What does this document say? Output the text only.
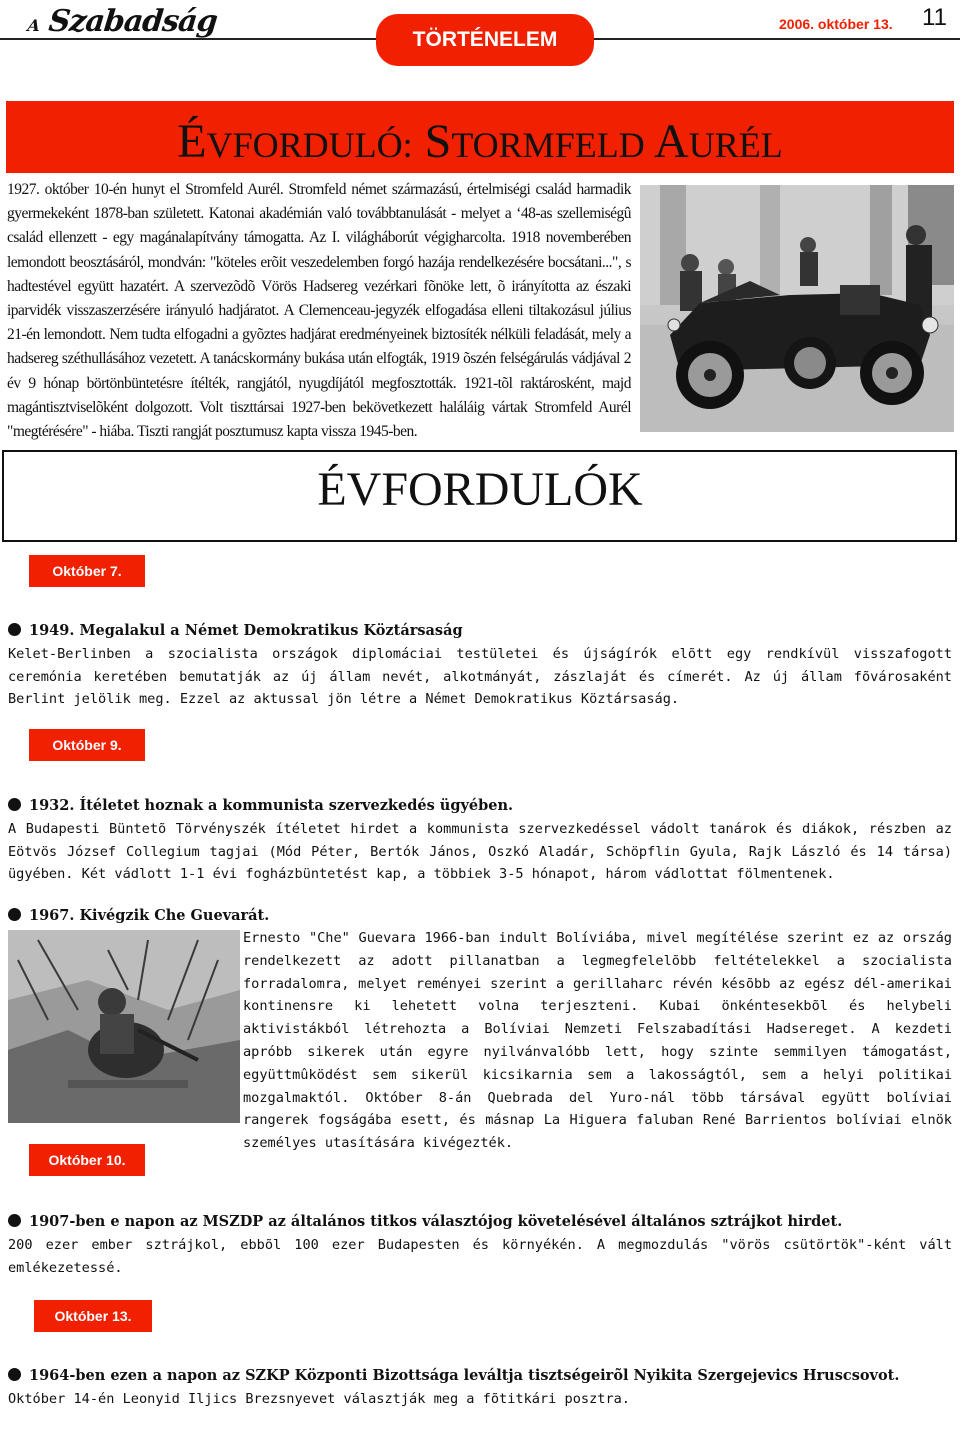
A Szabadság
TÖRTÉNELEM
2006. október 13. 11
ÉVFORDULÓ: STORMFELD AURÉL
1927. október 10-én hunyt el Stromfeld Aurél. Stromfeld német származású, értelmiségi család harmadik gyermekeként 1878-ban született. Katonai akadémián való továbbtanulását - melyet a ‘48-as szellemiségû család ellenzett - egy magánalapítvány támogatta. Az I. világháborút végigharcolta. 1918 novemberében lemondott beosztásáról, mondván: "köteles erõit veszedelemben forgó hazája rendelkezésére bocsátani...", s hadtestével együtt hazatért. A szervezõdõ Vörös Hadsereg vezérkari fõnöke lett, õ irányította az északi iparvidék visszaszerzésére irányuló hadjáratot. A Clemenceau-jegyzék elfogadása elleni tiltakozásul július 21-én lemondott. Nem tudta elfogadni a gyõztes hadjárat eredményeinek biztosíték nélküli feladását, mely a hadsereg széthullásához vezetett. A tanácskormány bukása után elfogták, 1919 õszén felségárulás vádjával 2 év 9 hónap börtönbüntetésre ítélték, rangjától, nyugdíjától megfosztották. 1921-tõl raktárosként, majd magántisztviselõként dolgozott. Volt tiszttársai 1927-ben bekövetkezett haláláig vártak Stromfeld Aurél "megtérésére" - hiába. Tiszti rangját posztumusz kapta vissza 1945-ben.
ÉVFORDULÓK
Október 7.
1949. Megalakul a Német Demokratikus Köztársaság
Kelet-Berlinben a szocialista országok diplomáciai testületei és újságírók elõtt egy rendkívül visszafogott ceremónia keretében bemutatják az új állam nevét, alkotmányát, zászlaját és címerét. Az új állam fõvárosaként Berlint jelölik meg. Ezzel az aktussal jön létre a Német Demokratikus Köztársaság.
Október 9.
1932. Ítéletet hoznak a kommunista szervezkedés ügyében.
A Budapesti Büntetõ Törvényszék ítéletet hirdet a kommunista szervezkedéssel vádolt tanárok és diákok, részben az Eötvös József Collegium tagjai (Mód Péter, Bertók János, Oszkó Aladár, Schöpflin Gyula, Rajk László és 14 társa) ügyében. Két vádlott 1-1 évi fogházbüntetést kap, a többiek 3-5 hónapot, három vádlottat fölmentenek.
1967. Kivégzik Che Guevarát.
Ernesto "Che" Guevara 1966-ban indult Bolíviába, mivel megítélése szerint ez az ország rendelkezett az adott pillanatban a legmegfelelõbb feltételekkel a szocialista forradalomra, melyet reményei szerint a gerillaharc révén késõbb az egész dél-amerikai kontinensre ki lehetett volna terjeszteni. Kubai önkéntesekbõl és helybeli aktivistákból létrehozta a Bolíviai Nemzeti Felszabadítási Hadsereget. A kezdeti apróbb sikerek után egyre nyilvánvalóbb lett, hogy szinte semmilyen támogatást, együttmûködést sem sikerül kicsikarnia sem a lakosságtól, sem a helyi politikai mozgalmaktól. Október 8-án Quebrada del Yuro-nál több társával együtt bolíviai rangerek fogságába esett, és másnap La Higuera faluban René Barrientos bolíviai elnök személyes utasítására kivégezték.
Október 10.
1907-ben e napon az MSZDP az általános titkos választójog követelésével általános sztrájkot hirdet.
200 ezer ember sztrájkol, ebbõl 100 ezer Budapesten és környékén. A megmozdulás "vörös csütörtök"-ként vált emlékezetessé.
Október 13.
1964-ben ezen a napon az SZKP Központi Bizottsága leváltja tisztségeirõl Nyikita Szergejevics Hruscsovot.
Október 14-én Leonyid Iljics Brezsnyevet választják meg a fõtitkári posztra.
